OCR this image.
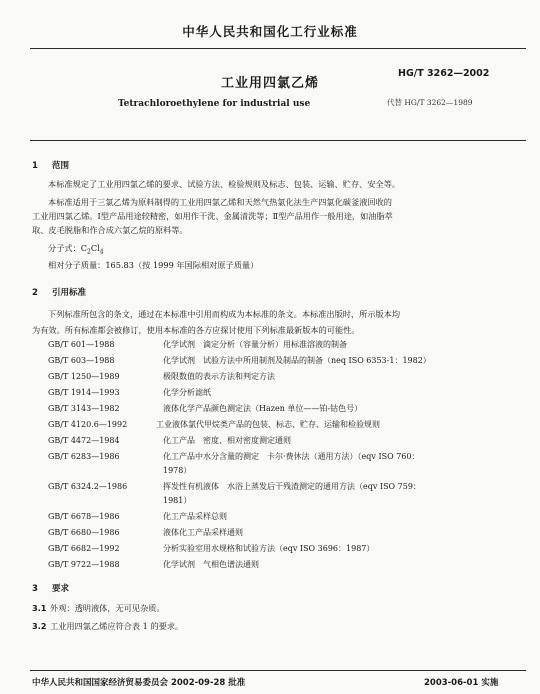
中华人民共和国化工行业标准
工业用四氯乙烯
HG/T 3262—2002
Tetrachloroethylene for industrial use	代替 HG/T 3262—1989
1 范围
本标准规定了工业用四氯乙烯的要求、试验方法、检验规则及标志、包装、运输、贮存、安全等。
本标准适用于三氯乙烯为原料制得的工业用四氯乙烯和天然气热氯化法生产四氯化碳釜液回收的
工业用四氯乙烯。Ⅰ型产品用途较精密，如用作干洗、金属清洗等；Ⅱ型产品用作一般用途，如油脂萃
取、皮毛脱脂和作合成六氯乙烷的原料等。
分子式：$C_2Cl_4$
相对分子质量：165.83（按 1999 年国际相对原子质量）
2 引用标准
下列标准所包含的条文，通过在本标准中引用而构成为本标准的条文。本标准出版时，所示版本均
为有效。所有标准都会被修订，使用本标准的各方应探讨使用下列标准最新版本的可能性。
GB/T 601—1988	化学试剂　滴定分析（容量分析）用标准溶液的制备
GB/T 603—1988	化学试剂　试验方法中所用制剂及制品的制备（neq ISO 6353-1：1982）
GB/T 1250—1989	极限数值的表示方法和判定方法
GB/T 1914—1993	化学分析滤纸
GB/T 3143—1982	液体化学产品颜色测定法（Hazen 单位——铂-钴色号）
GB/T 4120.6—1992	工业液体氯代甲烷类产品的包装、标志、贮存、运输和检验规则
GB/T 4472—1984	化工产品　密度、相对密度测定通则
GB/T 6283—1986	化工产品中水分含量的测定　卡尔·费休法（通用方法）（eqv ISO 760：
1978）
GB/T 6324.2—1986	挥发性有机液体　水浴上蒸发后干残渣测定的通用方法（eqv ISO 759：
1981）
GB/T 6678—1986	化工产品采样总则
GB/T 6680—1986	液体化工产品采样通则
GB/T 6682—1992	分析实验室用水规格和试验方法（eqv ISO 3696：1987）
GB/T 9722—1988	化学试剂　气相色谱法通则
3 要求
3.1 外观：透明液体，无可见杂质。
3.2 工业用四氯乙烯应符合表 1 的要求。
中华人民共和国国家经济贸易委员会 2002-09-28 批准	2003-06-01 实施
